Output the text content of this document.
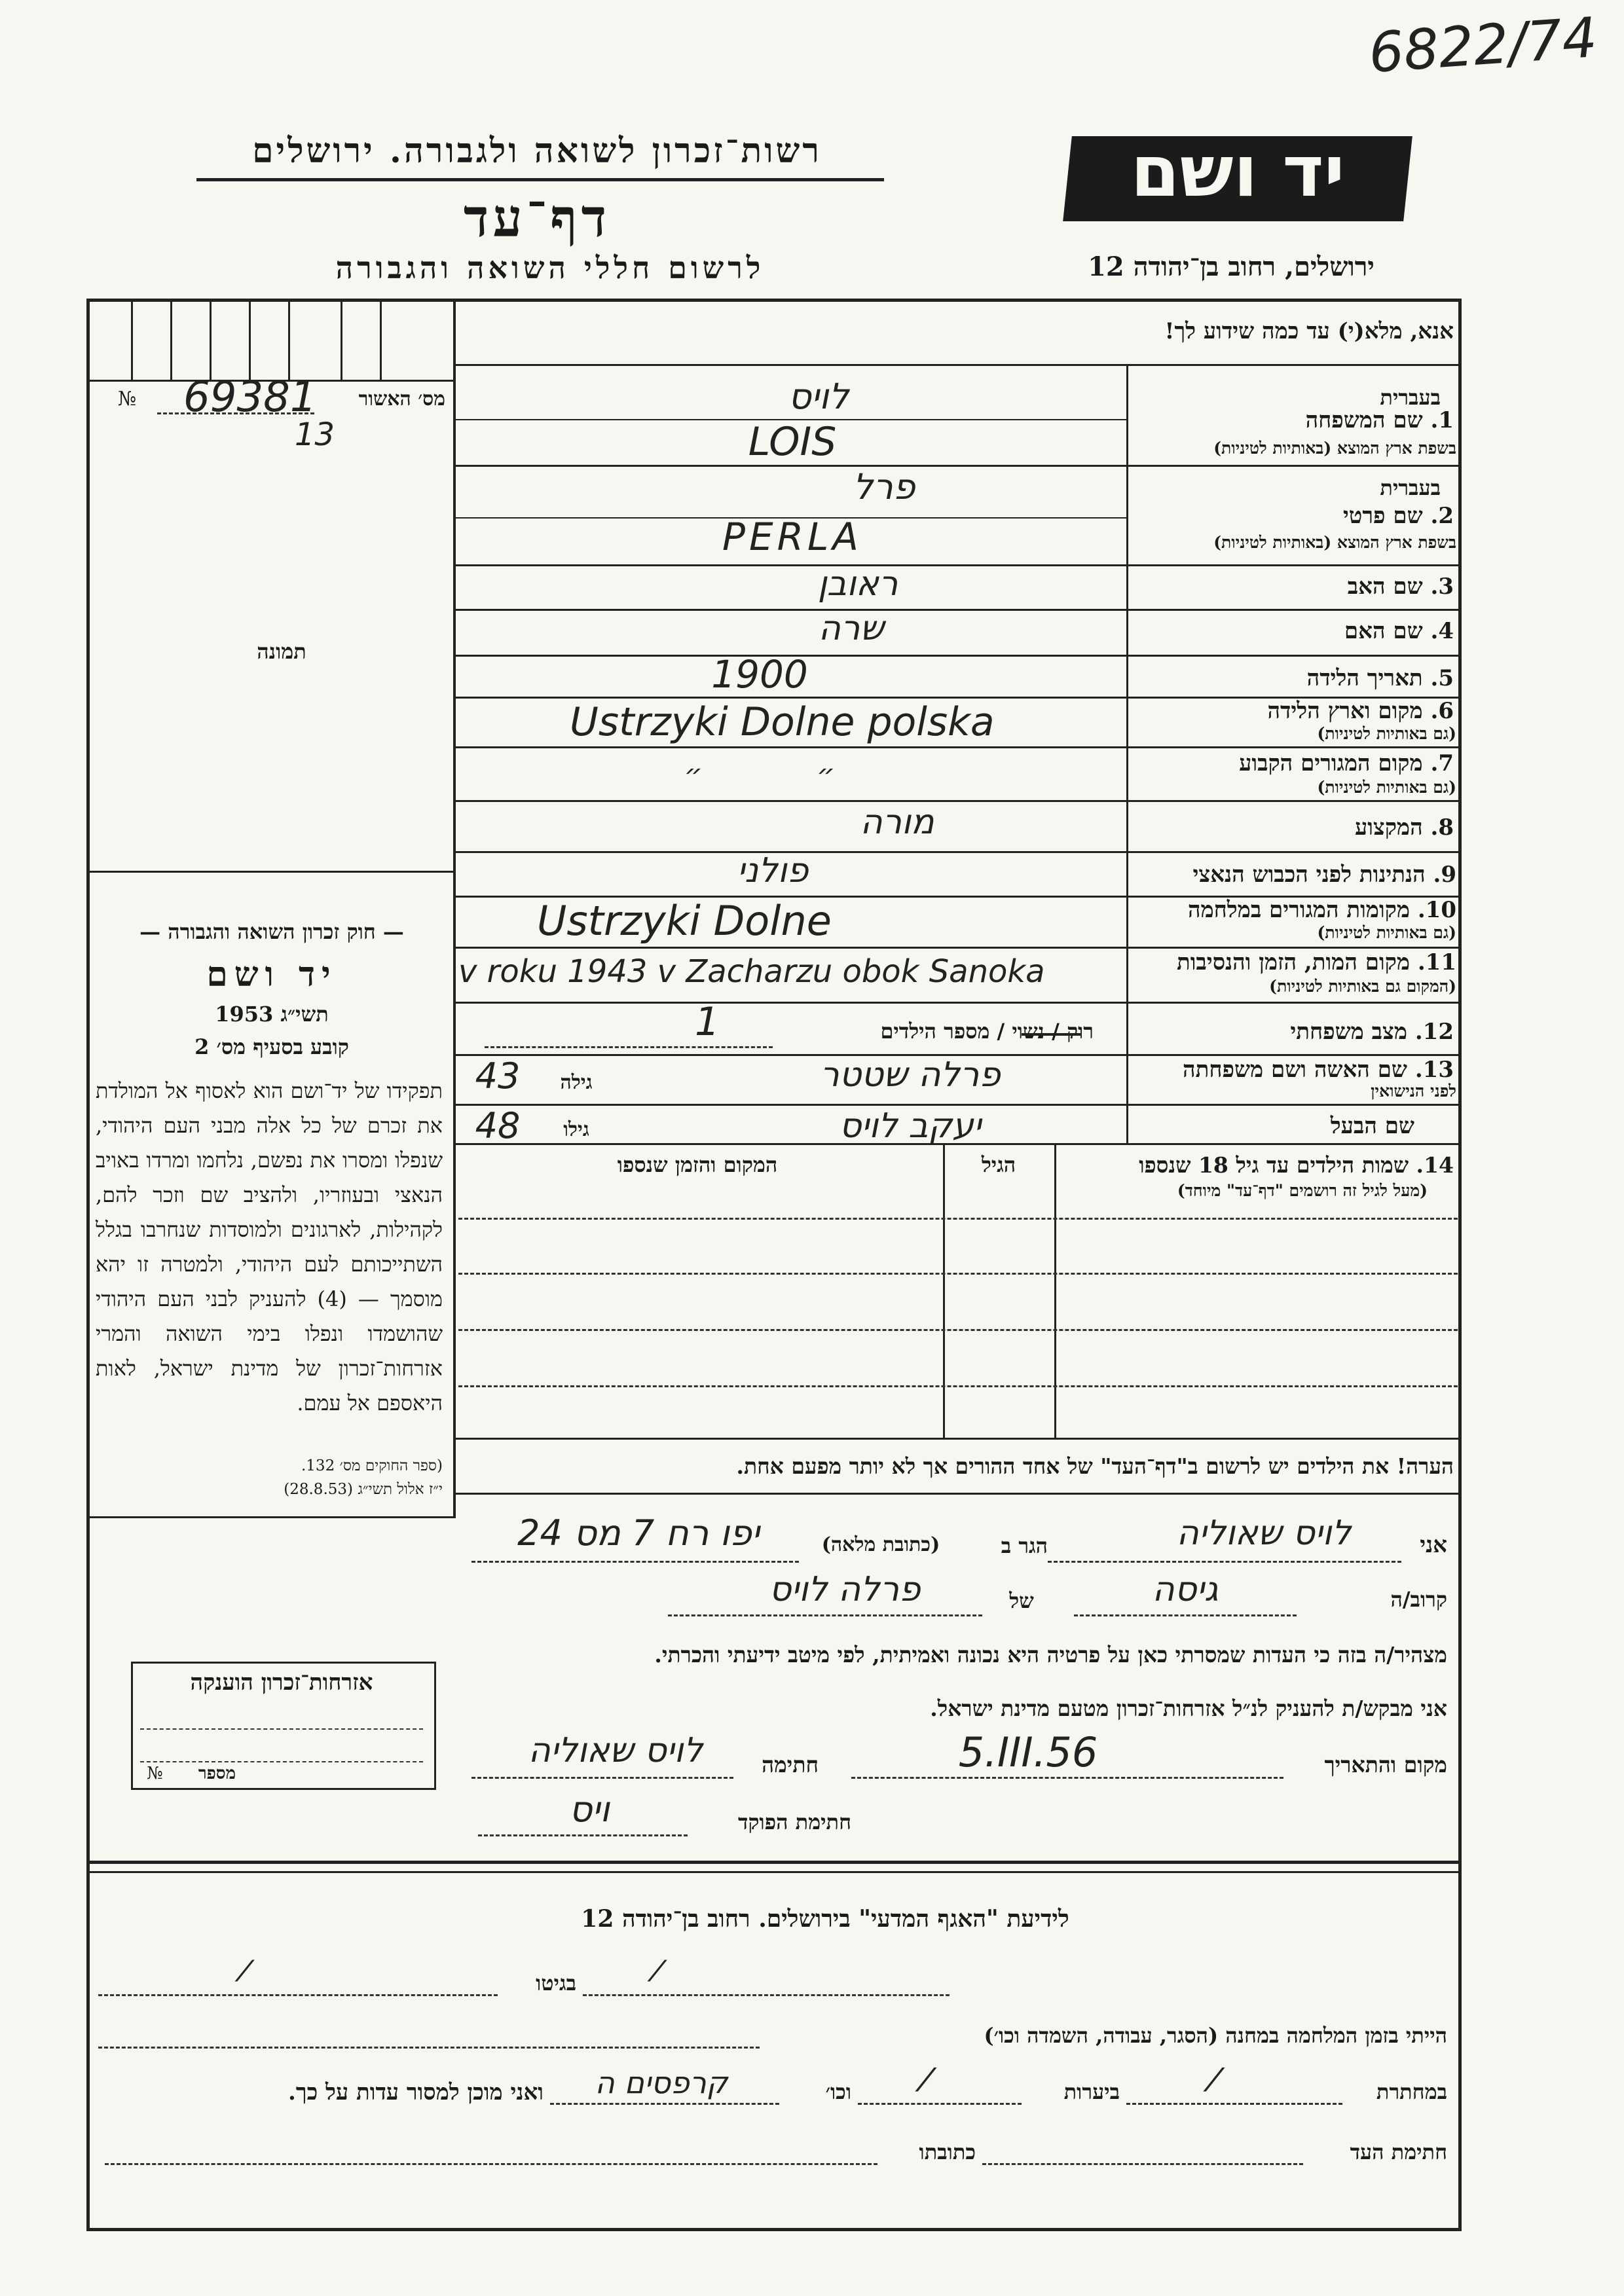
6822/74
רשות־זכרון לשואה ולגבורה. ירושלים
דף־עד
לרשום חללי השואה והגבורה
יד ושם
ירושלים, רחוב בן־יהודה 12
№ 69381
13
מס׳ האשור
תמונה
— חוק זכרון השואה והגבורה —
יד ושם
תשי״ג 1953
קובע בסעיף מס׳ 2
תפקידו של יד־ושם הוא לאסוף אל המולדת את זכרם של כל אלה מבני העם היהודי, שנפלו ומסרו את נפשם, נלחמו ומרדו באויב הנאצי ובעוזריו, ולהציב שם וזכר להם, לקהילות, לארגונים ולמוסדות שנחרבו בגלל השתייכותם לעם היהודי, ולמטרה זו יהא מוסמך — (4) להעניק לבני העם היהודי שהושמדו ונפלו בימי השואה והמרי אזרחות־זכרון של מדינת ישראל, לאות היאספם אל עמם.
(ספר החוקים מס׳ 132.
י״ז אלול תשי״ג (28.8.53)
אזרחות־זכרון הוענקה
№	מספר
אנא, מלא(י) עד כמה שידוע לך!
בעברית
1. שם המשפחה
בשפת ארץ המוצא (באותיות לטיניות)
לויס
LOIS
בעברית
2. שם פרטי
בשפת ארץ המוצא (באותיות לטיניות)
פרל
PERLA
3. שם האב
ראובן
4. שם האם
שרה
5. תאריך הלידה
1900
6. מקום וארץ הלידה
(גם באותיות לטיניות)
Ustrzyki Dolne polska
7. מקום המגורים הקבוע
(גם באותיות לטיניות)
״ ״
8. המקצוע
מורה
9. הנתינות לפני הכבוש הנאצי
פולני
10. מקומות המגורים במלחמה
(גם באותיות לטיניות)
Ustrzyki Dolne
11. מקום המות, הזמן והנסיבות
(המקום גם באותיות לטיניות)
v roku 1943 v Zacharzu obok Sanoka
12. מצב משפחתי
רוק / נשוי / מספר הילדים
1
13. שם האשה ושם משפחתה
לפני הנישואין
פרלה שטטר
גילה
43
שם הבעל
יעקב לויס
גילו
48
14. שמות הילדים עד גיל 18 שנספו
(מעל לגיל זה רושמים "דף־עד" מיוחד)
הגיל
המקום והזמן שנספו
הערה! את הילדים יש לרשום ב"דף־העד" של אחד ההורים אך לא יותר מפעם אחת.
אני
לויס שאוליה
הגר ב
(כתובת מלאה)
יפו רח 7 מס 24
קרוב/ה
גיסה
של
פרלה לויס
מצהיר/ה בזה כי העדות שמסרתי כאן על פרטיה היא נכונה ואמיתית, לפי מיטב ידיעתי והכרתי.
אני מבקש/ת להעניק לנ״ל אזרחות־זכרון מטעם מדינת ישראל.
מקום והתאריך
5.III.56
חתימה
לויס שאוליה
חתימת הפוקד
ויס
לידיעת "האגף המדעי" בירושלים. רחוב בן־יהודה 12
בגיטו	⁄
⁄
הייתי בזמן המלחמה במחנה (הסגר, עבודה, השמדה וכו׳)
במחתרת
⁄
ביערות
⁄
וכו׳
קרפסים ה
ואני מוכן למסור עדות על כך.
חתימת העד
כתובתו
